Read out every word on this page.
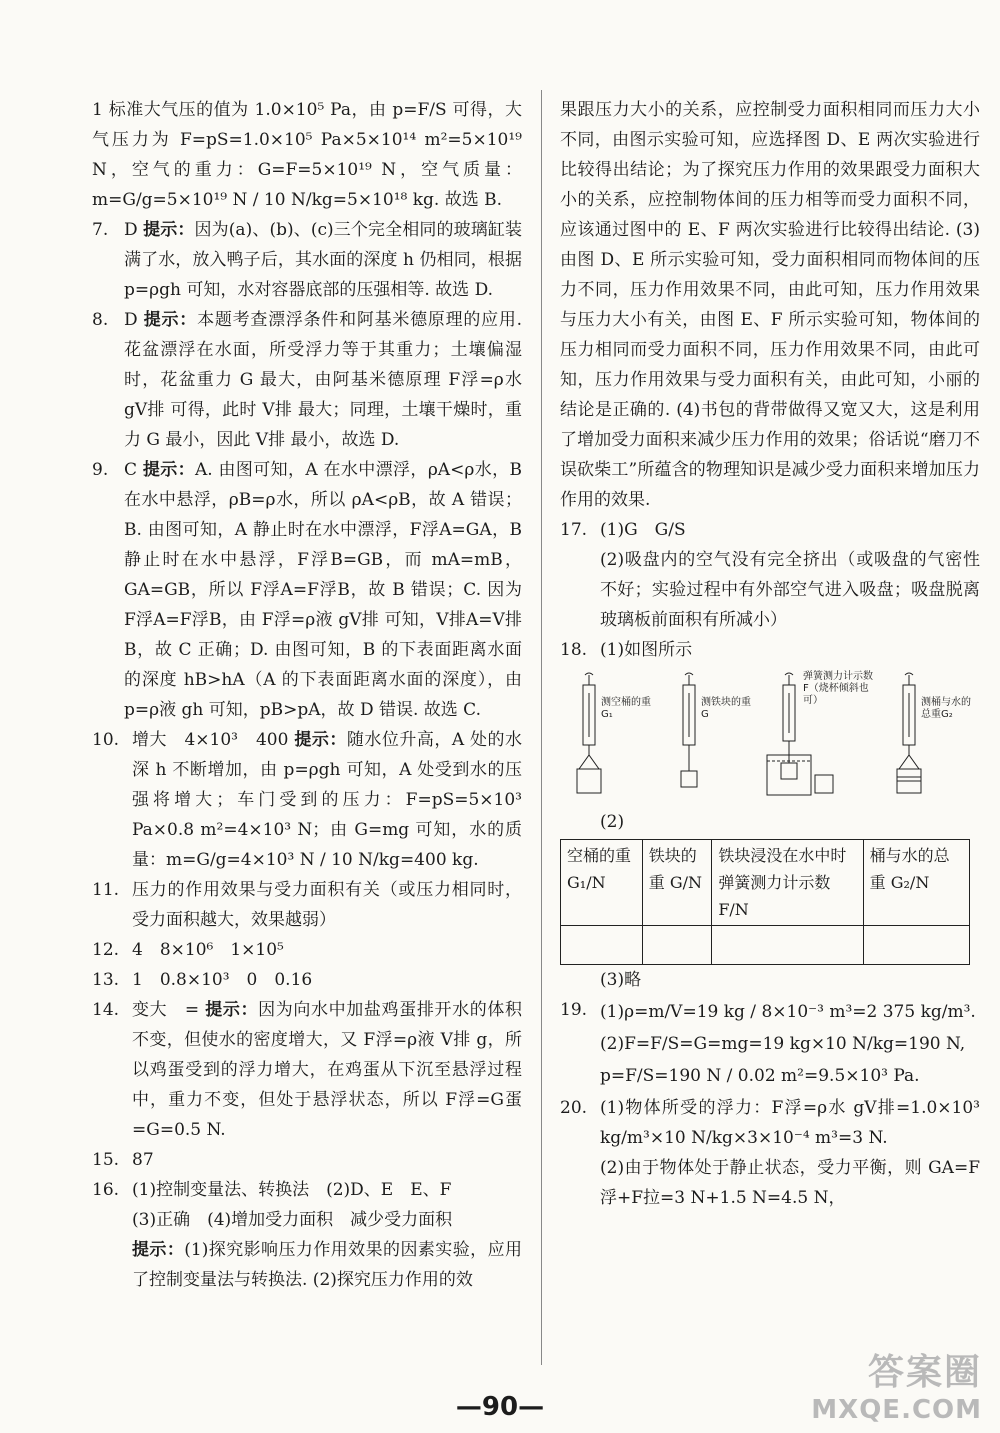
1 标准大气压的值为 1.0×10⁵ Pa，由 p=F/S 可得，大气压力为 F=pS=1.0×10⁵ Pa×5×10¹⁴ m²=5×10¹⁹ N，空气的重力：G=F=5×10¹⁹ N，空气质量：m=G/g=5×10¹⁹ N / 10 N/kg=5×10¹⁸ kg. 故选 B.

7. D 提示：因为(a)、(b)、(c)三个完全相同的玻璃缸装满了水，放入鸭子后，其水面的深度 h 仍相同，根据 p=ρgh 可知，水对容器底部的压强相等. 故选 D.
8. D 提示：本题考查漂浮条件和阿基米德原理的应用. 花盆漂浮在水面，所受浮力等于其重力；土壤偏湿时，花盆重力 G 最大，由阿基米德原理 F浮=ρ水 gV排 可得，此时 V排 最大；同理，土壤干燥时，重力 G 最小，因此 V排 最小，故选 D.
9. C 提示：A. 由图可知，A 在水中漂浮，ρA<ρ水，B 在水中悬浮，ρB=ρ水，所以 ρA<ρB，故 A 错误；B. 由图可知，A 静止时在水中漂浮，F浮A=GA，B 静止时在水中悬浮，F浮B=GB，而 mA=mB，GA=GB，所以 F浮A=F浮B，故 B 错误；C. 因为 F浮A=F浮B，由 F浮=ρ液 gV排 可知，V排A=V排B，故 C 正确；D. 由图可知，B 的下表面距离水面的深度 hB>hA（A 的下表面距离水面的深度），由 p=ρ液 gh 可知，pB>pA，故 D 错误. 故选 C.
10. 增大　4×10³　400 提示：随水位升高，A 处的水深 h 不断增加，由 p=ρgh 可知，A 处受到水的压强将增大；车门受到的压力：F=pS=5×10³ Pa×0.8 m²=4×10³ N；由 G=mg 可知，水的质量：m=G/g=4×10³ N / 10 N/kg=400 kg.
11. 压力的作用效果与受力面积有关（或压力相同时，受力面积越大，效果越弱）
12. 4　8×10⁶　1×10⁵
13. 1　0.8×10³　0　0.16
14. 变大　= 提示：因为向水中加盐鸡蛋排开水的体积不变，但使水的密度增大，又 F浮=ρ液 V排 g，所以鸡蛋受到的浮力增大，在鸡蛋从下沉至悬浮过程中，重力不变，但处于悬浮状态，所以 F浮=G蛋=G=0.5 N.
15. 87
16. (1)控制变量法、转换法　(2)D、E　E、F
(3)正确　(4)增加受力面积　减少受力面积
提示：(1)探究影响压力作用效果的因素实验，应用了控制变量法与转换法. (2)探究压力作用的效

果跟压力大小的关系，应控制受力面积相同而压力大小不同，由图示实验可知，应选择图 D、E 两次实验进行比较得出结论；为了探究压力作用的效果跟受力面积大小的关系，应控制物体间的压力相等而受力面积不同，应该通过图中的 E、F 两次实验进行比较得出结论. (3)由图 D、E 所示实验可知，受力面积相同而物体间的压力不同，压力作用效果不同，由此可知，压力作用效果与压力大小有关，由图 E、F 所示实验可知，物体间的压力相同而受力面积不同，压力作用效果不同，由此可知，压力作用效果与受力面积有关，由此可知，小丽的结论是正确的. (4)书包的背带做得又宽又大，这是利用了增加受力面积来减少压力作用的效果；俗话说“磨刀不误砍柴工”所蕴含的物理知识是减少受力面积来增加压力作用的效果.

17. (1)G　G/S
(2)吸盘内的空气没有完全挤出（或吸盘的气密性不好；实验过程中有外部空气进入吸盘；吸盘脱离玻璃板前面积有所减小）
18. (1)如图所示
测空桶的重G₁
测铁块的重G
弹簧测力计示数F（烧杯倾斜也可）	测桶与水的总重G₂
(2)
空桶的重 G₁/N	铁块的重 G/N	铁块浸没在水中时弹簧测力计示数 F/N	桶与水的总重 G₂/N

(3)略
19. (1)ρ=m/V=19 kg / 8×10⁻³ m³=2 375 kg/m³.
(2)F=F/S=G=mg=19 kg×10 N/kg=190 N,
p=F/S=190 N / 0.02 m²=9.5×10³ Pa.
20. (1)物体所受的浮力：F浮=ρ水 gV排=1.0×10³ kg/m³×10 N/kg×3×10⁻⁴ m³=3 N.
(2)由于物体处于静止状态，受力平衡，则 GA=F浮+F拉=3 N+1.5 N=4.5 N，
—90—
答案圈
MXQE.COM
